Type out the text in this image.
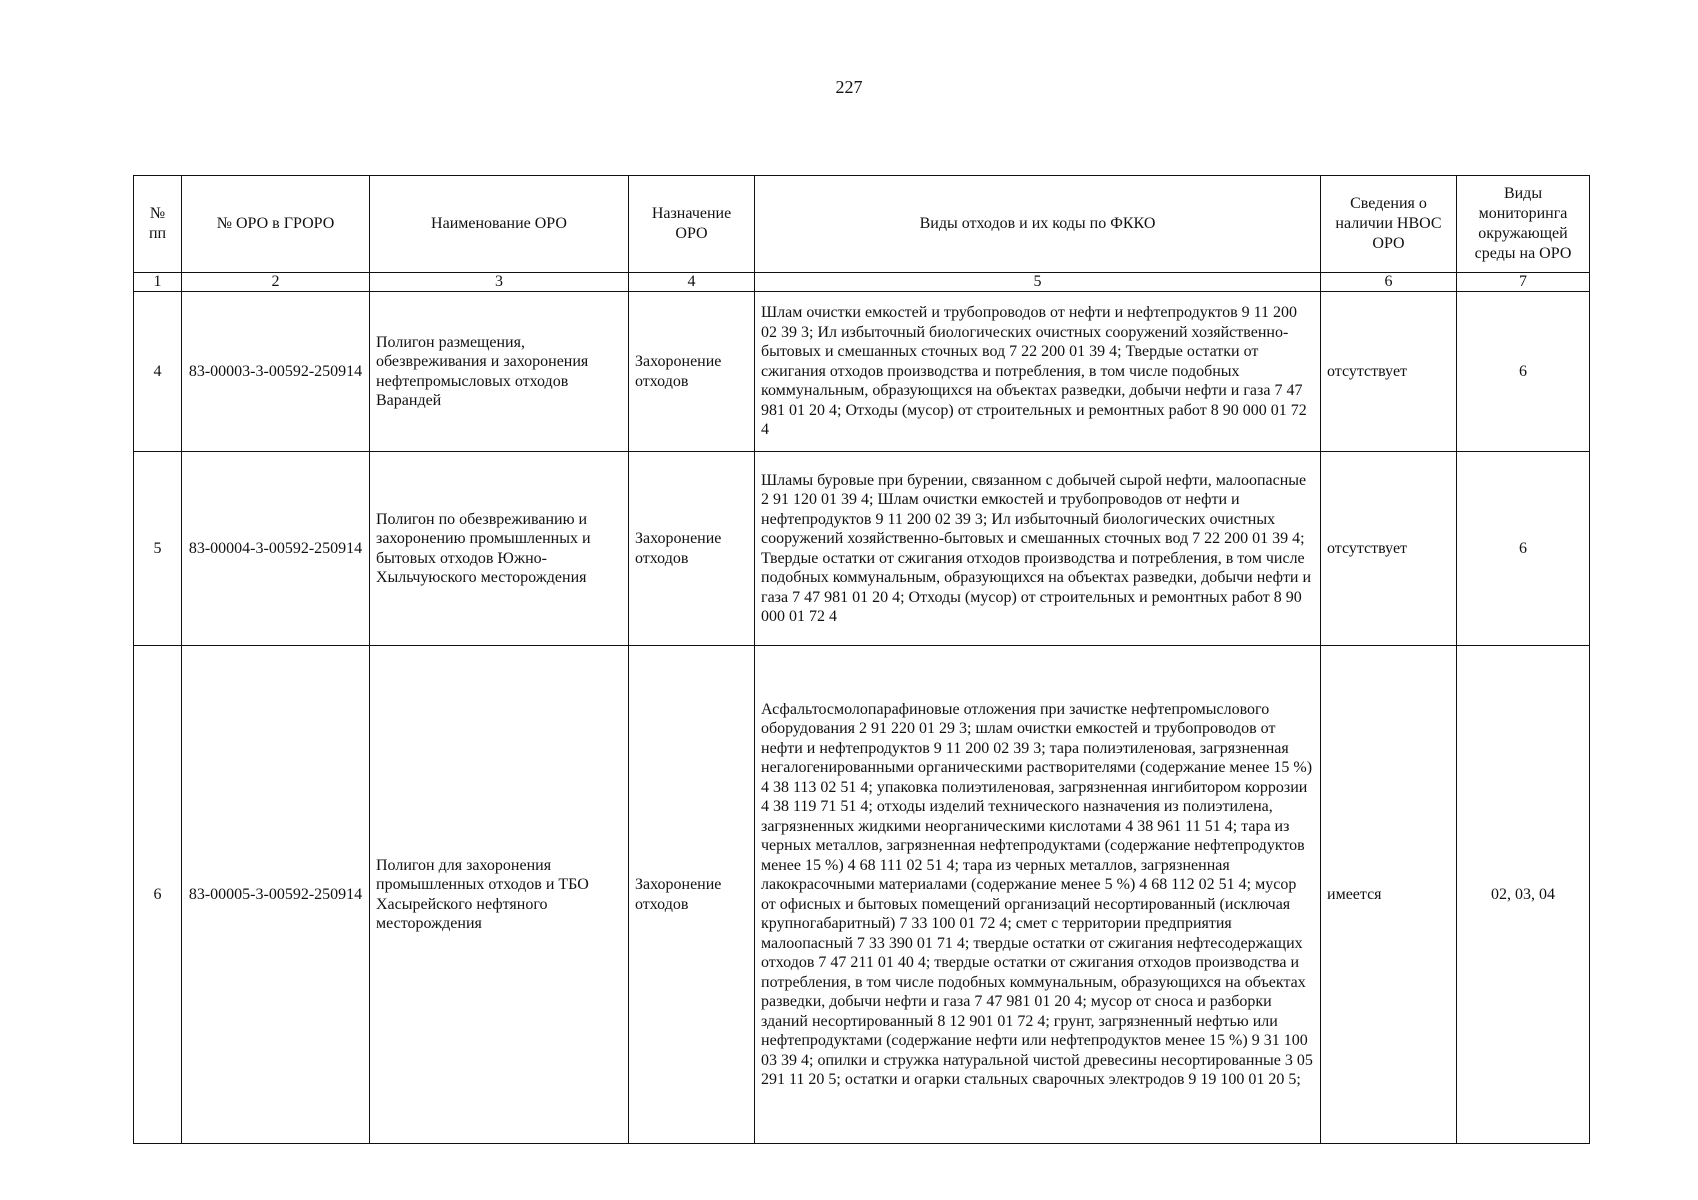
227
№ пп	№ ОРО в ГРОРО	Наименование ОРО	Назначение ОРО	Виды отходов и их коды по ФККО	Сведения о наличии НВОС ОРО	Виды мониторинга окружающей среды на ОРО
1	2	3	4	5	6	7
4	83-00003-3-00592-250914	Полигон размещения, обезвреживания и захоронения нефтепромысловых отходов Варандей	Захоронение отходов	Шлам очистки емкостей и трубопроводов от нефти и нефтепродуктов 9 11 200 02 39 3; Ил избыточный биологических очистных сооружений хозяйственно-бытовых и смешанных сточных вод 7 22 200 01 39 4; Твердые остатки от сжигания отходов производства и потребления, в том числе подобных коммунальным, образующихся на объектах разведки, добычи нефти и газа 7 47 981 01 20 4; Отходы (мусор) от строительных и ремонтных работ 8 90 000 01 72 4	отсутствует	6
5	83-00004-3-00592-250914	Полигон по обезвреживанию и захоронению промышленных и бытовых отходов Южно-Хыльчуюского месторождения	Захоронение отходов	Шламы буровые при бурении, связанном с добычей сырой нефти, малоопасные 2 91 120 01 39 4; Шлам очистки емкостей и трубопроводов от нефти и нефтепродуктов 9 11 200 02 39 3; Ил избыточный биологических очистных сооружений хозяйственно-бытовых и смешанных сточных вод 7 22 200 01 39 4; Твердые остатки от сжигания отходов производства и потребления, в том числе подобных коммунальным, образующихся на объектах разведки, добычи нефти и газа 7 47 981 01 20 4; Отходы (мусор) от строительных и ремонтных работ 8 90 000 01 72 4	отсутствует	6
6	83-00005-3-00592-250914	Полигон для захоронения промышленных отходов и ТБО Хасырейского нефтяного месторождения	Захоронение отходов	Асфальтосмолопарафиновые отложения при зачистке нефтепромыслового оборудования 2 91 220 01 29 3; шлам очистки емкостей и трубопроводов от нефти и нефтепродуктов 9 11 200 02 39 3; тара полиэтиленовая, загрязненная негалогенированными органическими растворителями (содержание менее 15 %) 4 38 113 02 51 4; упаковка полиэтиленовая, загрязненная ингибитором коррозии 4 38 119 71 51 4; отходы изделий технического назначения из полиэтилена, загрязненных жидкими неорганическими кислотами 4 38 961 11 51 4; тара из черных металлов, загрязненная нефтепродуктами (содержание нефтепродуктов менее 15 %) 4 68 111 02 51 4; тара из черных металлов, загрязненная лакокрасочными материалами (содержание менее 5 %) 4 68 112 02 51 4; мусор от офисных и бытовых помещений организаций несортированный (исключая крупногабаритный) 7 33 100 01 72 4; смет с территории предприятия малоопасный 7 33 390 01 71 4; твердые остатки от сжигания нефтесодержащих отходов 7 47 211 01 40 4; твердые остатки от сжигания отходов производства и потребления, в том числе подобных коммунальным, образующихся на объектах разведки, добычи нефти и газа 7 47 981 01 20 4; мусор от сноса и разборки зданий несортированный 8 12 901 01 72 4; грунт, загрязненный нефтью или нефтепродуктами (содержание нефти или нефтепродуктов менее 15 %) 9 31 100 03 39 4; опилки и стружка натуральной чистой древесины несортированные 3 05 291 11 20 5; остатки и огарки стальных сварочных электродов 9 19 100 01 20 5;	имеется	02, 03, 04
